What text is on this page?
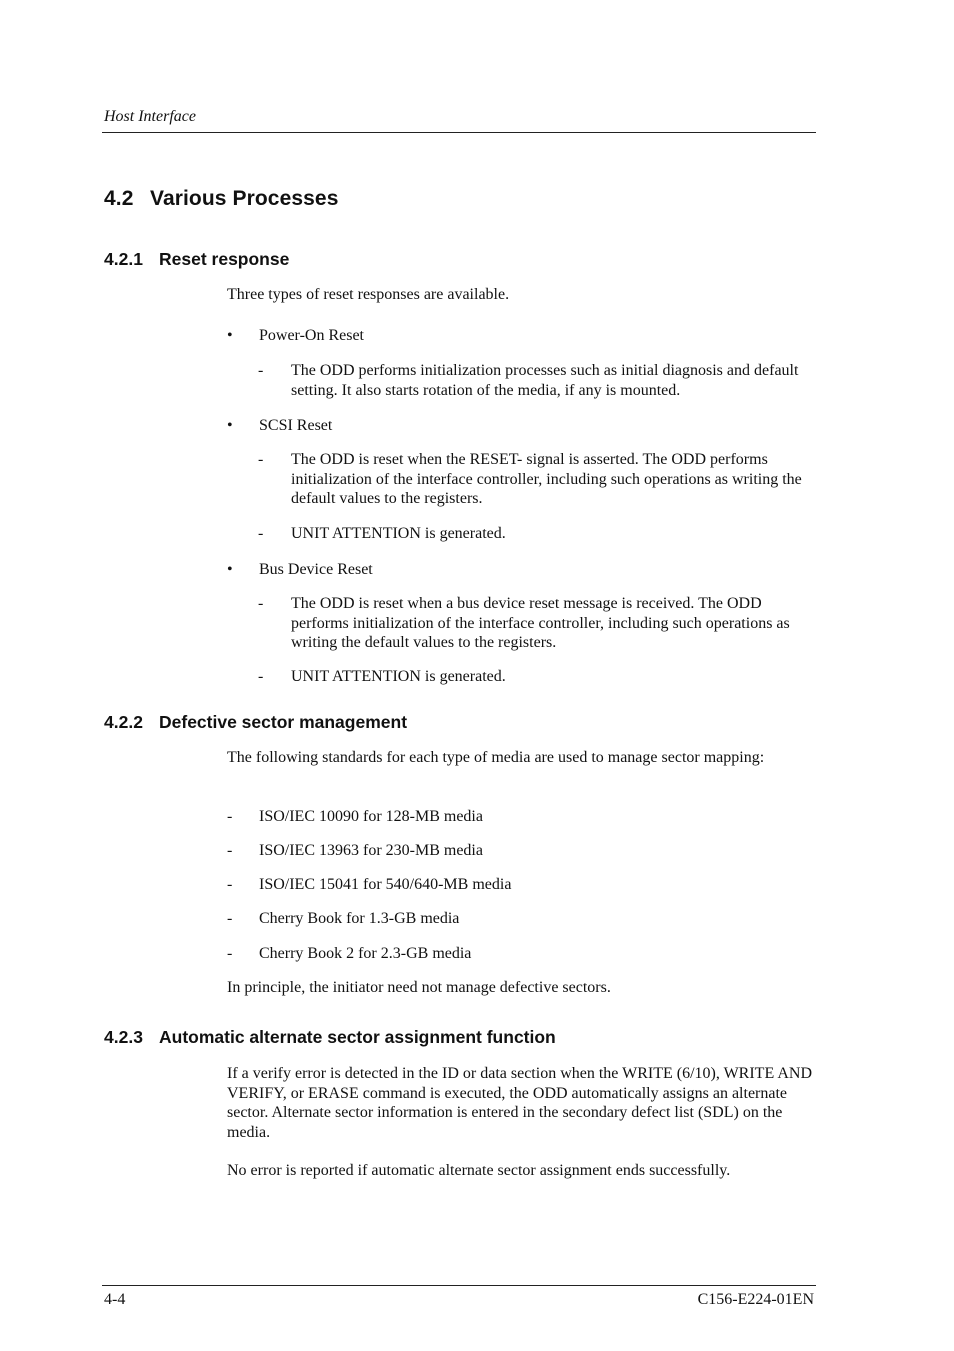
Host Interface
4.2 Various Processes
4.2.1 Reset response
Three types of reset responses are available.
•	Power-On Reset
- The ODD performs initialization processes such as initial diagnosis and default setting. It also starts rotation of the media, if any is mounted.
•	SCSI Reset
- The ODD is reset when the RESET- signal is asserted. The ODD performs initialization of the interface controller, including such operations as writing the default values to the registers.
- UNIT ATTENTION is generated.
•	Bus Device Reset
- The ODD is reset when a bus device reset message is received. The ODD performs initialization of the interface controller, including such operations as writing the default values to the registers.
- UNIT ATTENTION is generated.
4.2.2 Defective sector management
The following standards for each type of media are used to manage sector mapping:
- ISO/IEC 10090 for 128-MB media
- ISO/IEC 13963 for 230-MB media
- ISO/IEC 15041 for 540/640-MB media
- Cherry Book for 1.3-GB media
- Cherry Book 2 for 2.3-GB media
In principle, the initiator need not manage defective sectors.
4.2.3 Automatic alternate sector assignment function
If a verify error is detected in the ID or data section when the WRITE (6/10), WRITE AND VERIFY, or ERASE command is executed, the ODD automatically assigns an alternate sector. Alternate sector information is entered in the secondary defect list (SDL) on the media.
No error is reported if automatic alternate sector assignment ends successfully.
4-4	C156-E224-01EN
